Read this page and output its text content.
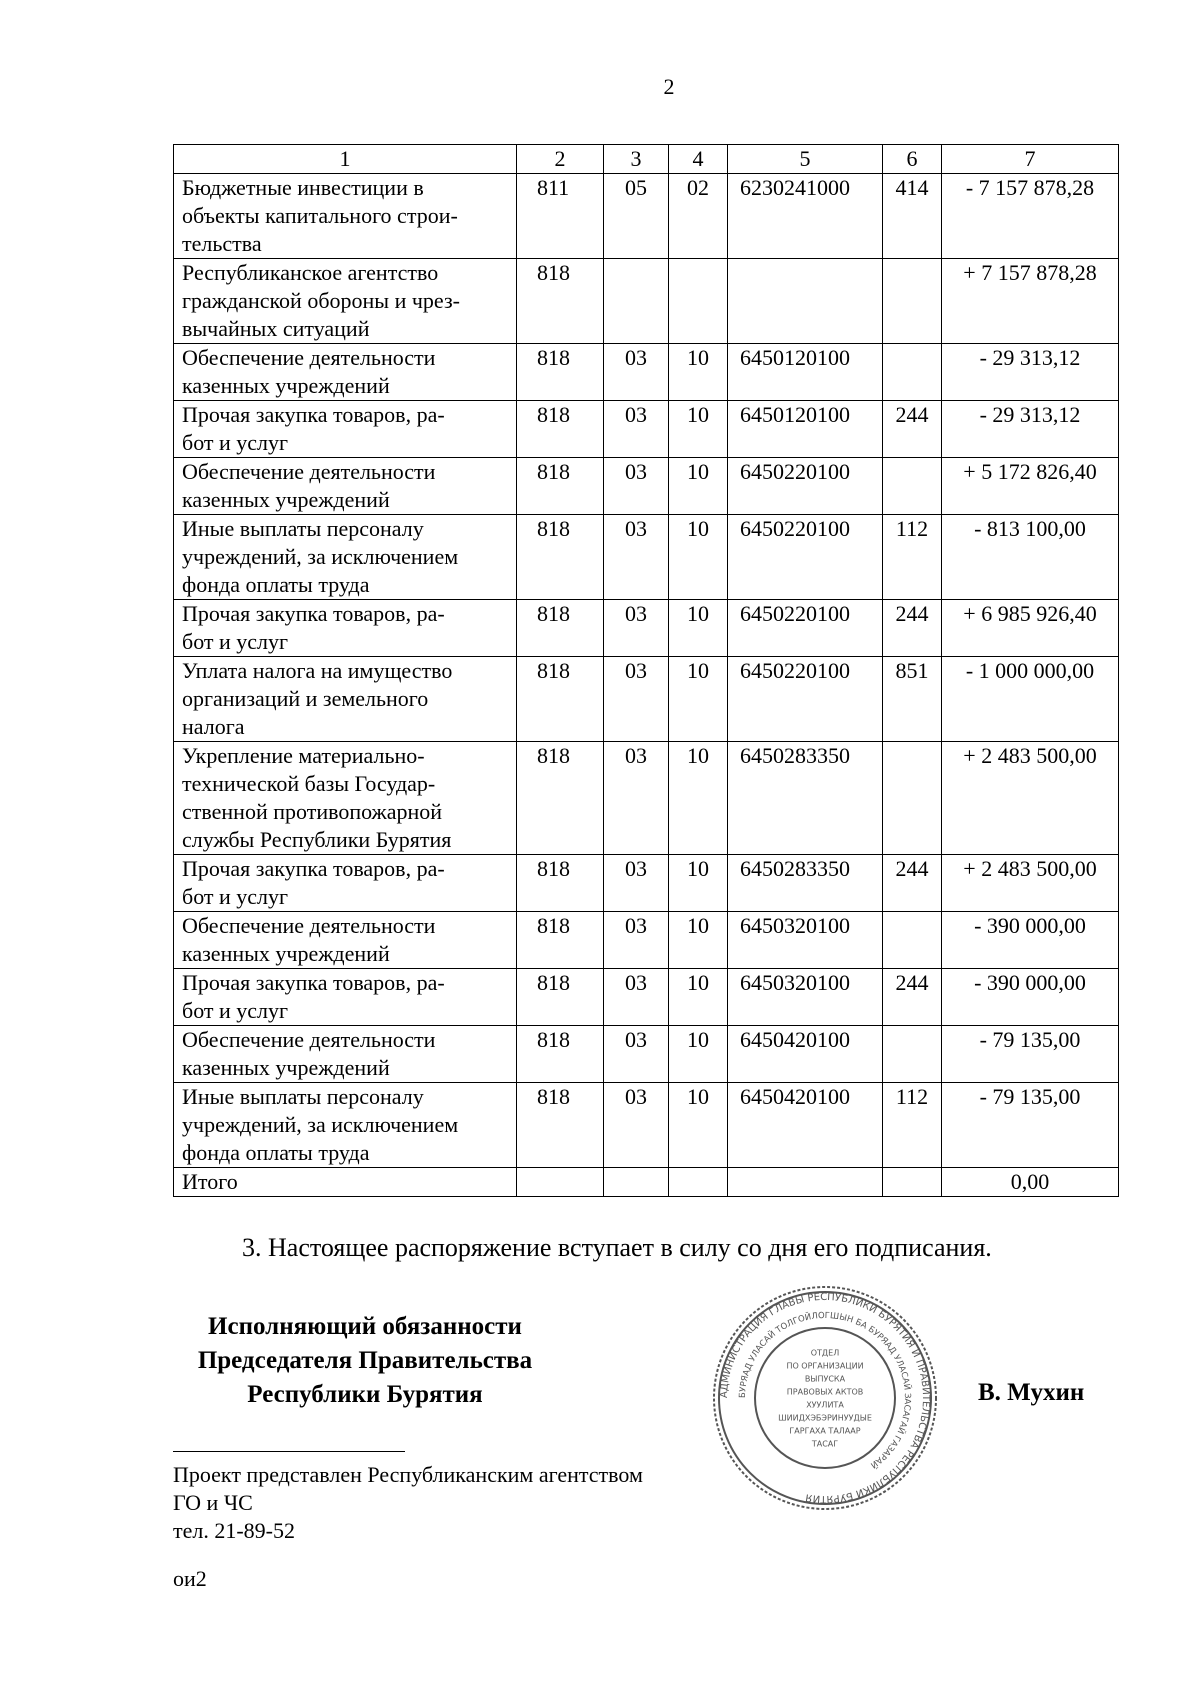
2
1	2	3	4	5	6	7

Бюджетные инвестиции в
объекты капитального строи-
тельства	811	05	02	6230241000	414	- 7 157 878,28

Республиканское агентство
гражданской обороны и чрез-
вычайных ситуаций	818					+ 7 157 878,28

Обеспечение деятельности
казенных учреждений	818	03	10	6450120100		- 29 313,12

Прочая закупка товаров, ра-
бот и услуг	818	03	10	6450120100	244	- 29 313,12

Обеспечение деятельности
казенных учреждений	818	03	10	6450220100		+ 5 172 826,40

Иные выплаты персоналу
учреждений, за исключением
фонда оплаты труда	818	03	10	6450220100	112	- 813 100,00

Прочая закупка товаров, ра-
бот и услуг	818	03	10	6450220100	244	+ 6 985 926,40

Уплата налога на имущество
организаций и земельного
налога	818	03	10	6450220100	851	- 1 000 000,00

Укрепление материально-
технической базы Государ-
ственной противопожарной
службы Республики Бурятия	818	03	10	6450283350		+ 2 483 500,00

Прочая закупка товаров, ра-
бот и услуг	818	03	10	6450283350	244	+ 2 483 500,00

Обеспечение деятельности
казенных учреждений	818	03	10	6450320100		- 390 000,00

Прочая закупка товаров, ра-
бот и услуг	818	03	10	6450320100	244	- 390 000,00

Обеспечение деятельности
казенных учреждений	818	03	10	6450420100		- 79 135,00

Иные выплаты персоналу
учреждений, за исключением
фонда оплаты труда	818	03	10	6450420100	112	- 79 135,00

Итого						0,00
3. Настоящее распоряжение вступает в силу со дня его подписания.
Исполняющий обязанности
Председателя Правительства
Республики Бурятия	В. Мухин
АДМИНИСТРАЦИЯ ГЛАВЫ РЕСПУБЛИКИ БУРЯТИЯ И ПРАВИТЕЛЬСТВА РЕСПУБЛИКИ БУРЯТИЯ
БУРЯАД УЛАСАЙ ТОЛГОЙЛОГШЫН БА БУРЯАД УЛАСАЙ ЗАСАГАЙ ГАЗАРАЙ
ОТДЕЛ
ПО ОРГАНИЗАЦИИ
ВЫПУСКА
ПРАВОВЫХ АКТОВ
ХУУЛИТА
ШИИДХЭБЭРИНУУДЫЕ
ГАРГАХА ТАЛААР
ТАСАГ
Проект представлен Республиканским агентством
ГО и ЧС
тел. 21-89-52
ои2
